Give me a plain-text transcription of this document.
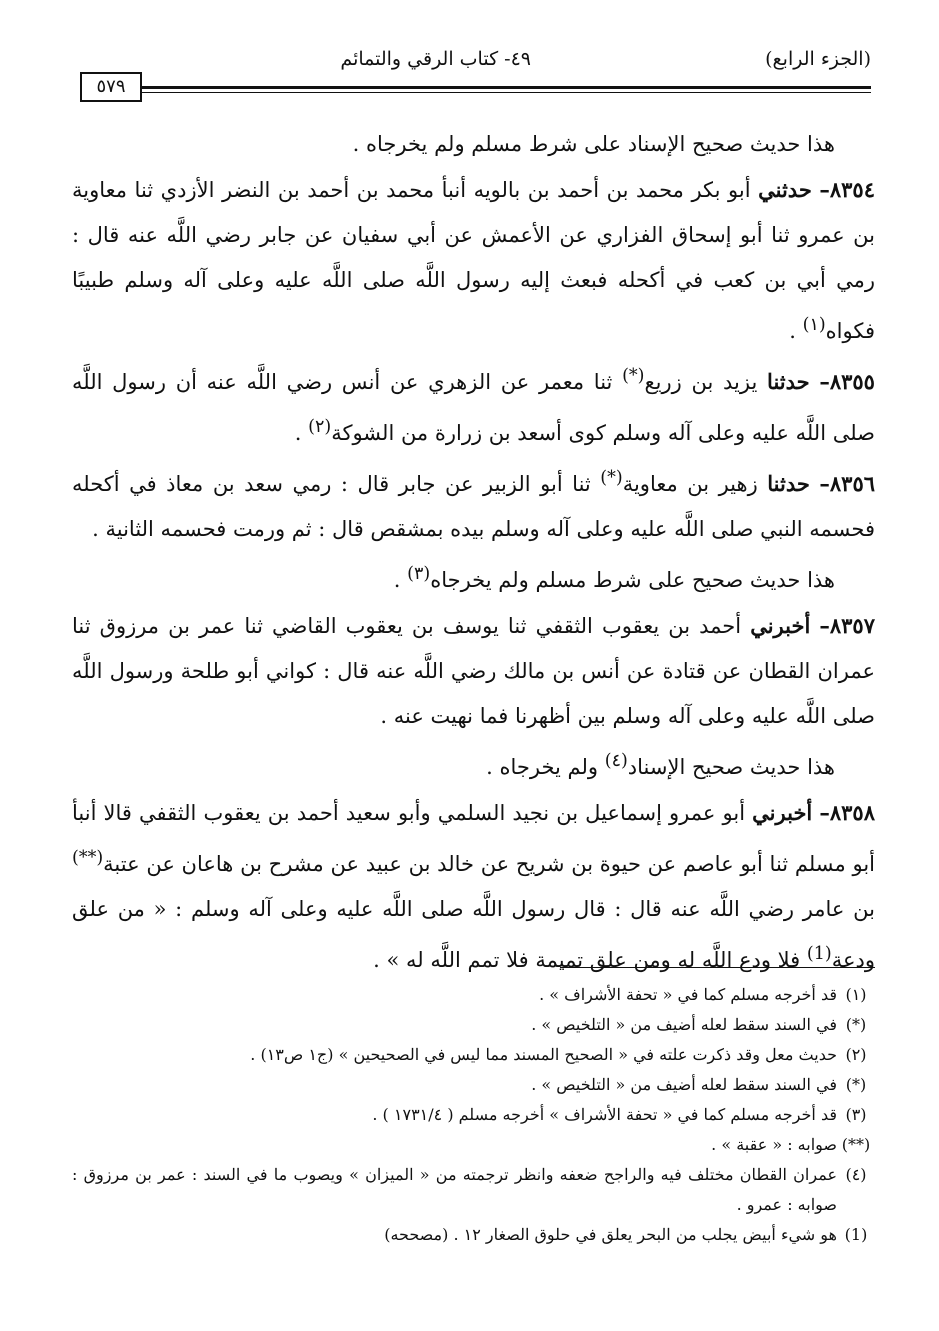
(الجزء الرابع)
٤٩- كتاب الرقي والتمائم
٥٧٩

هذا حديث صحيح الإسناد على شرط مسلم ولم يخرجاه .

٨٣٥٤– حدثني أبو بكر محمد بن أحمد بن بالويه أنبأ محمد بن أحمد بن النضر الأزدي ثنا معاوية بن عمرو ثنا أبو إسحاق الفزاري عن الأعمش عن أبي سفيان عن جابر رضي اللَّه عنه قال : رمي أبي بن كعب في أكحله فبعث إليه رسول اللَّه صلى اللَّه عليه وعلى آله وسلم طبيبًا فكواه$^{(١)}$ .

٨٣٥٥– حدثنا يزيد بن زريع(*) ثنا معمر عن الزهري عن أنس رضي اللَّه عنه أن رسول اللَّه صلى اللَّه عليه وعلى آله وسلم كوى أسعد بن زرارة من الشوكة$^{(٢)}$ .

٨٣٥٦– حدثنا زهير بن معاوية(*) ثنا أبو الزبير عن جابر قال : رمي سعد بن معاذ في أكحله فحسمه النبي صلى اللَّه عليه وعلى آله وسلم بيده بمشقص قال : ثم ورمت فحسمه الثانية .

هذا حديث صحيح على شرط مسلم ولم يخرجاه$^{(٣)}$ .

٨٣٥٧– أخبرني أحمد بن يعقوب الثقفي ثنا يوسف بن يعقوب القاضي ثنا عمر بن مرزوق ثنا عمران القطان عن قتادة عن أنس بن مالك رضي اللَّه عنه قال : كواني أبو طلحة ورسول اللَّه صلى اللَّه عليه وعلى آله وسلم بين أظهرنا فما نهيت عنه .

هذا حديث صحيح الإسناد$^{(٤)}$ ولم يخرجاه .

٨٣٥٨– أخبرني أبو عمرو إسماعيل بن نجيد السلمي وأبو سعيد أحمد بن يعقوب الثقفي قالا أنبأ أبو مسلم ثنا أبو عاصم عن حيوة بن شريح عن خالد بن عبيد عن مشرح بن هاعان عن عتبة(**) بن عامر رضي اللَّه عنه قال : قال رسول اللَّه صلى اللَّه عليه وعلى آله وسلم : « من علق ودعة$^{(1)}$ فلا ودع اللَّه له ومن علق تميمة فلا تمم اللَّه له » .

(١)
قد أخرجه مسلم كما في « تحفة الأشراف » .

(*)
في السند سقط لعله أضيف من « التلخيص » .

(٢)
حديث معل وقد ذكرت علته في « الصحيح المسند مما ليس في الصحيحين » (ج١ ص١٣) .

(*)
في السند سقط لعله أضيف من « التلخيص » .

(٣)
قد أخرجه مسلم كما في « تحفة الأشراف » أخرجه مسلم ( ١٧٣١/٤ ) .

(**)
صوابه : « عقبة » .

(٤)
عمران القطان مختلف فيه والراجح ضعفه وانظر ترجمته من « الميزان » ويصوب ما في السند : عمر بن مرزوق : صوابه : عمرو .

(1)
هو شيء أبيض يجلب من البحر يعلق في حلوق الصغار ١٢ . (مصححه)
